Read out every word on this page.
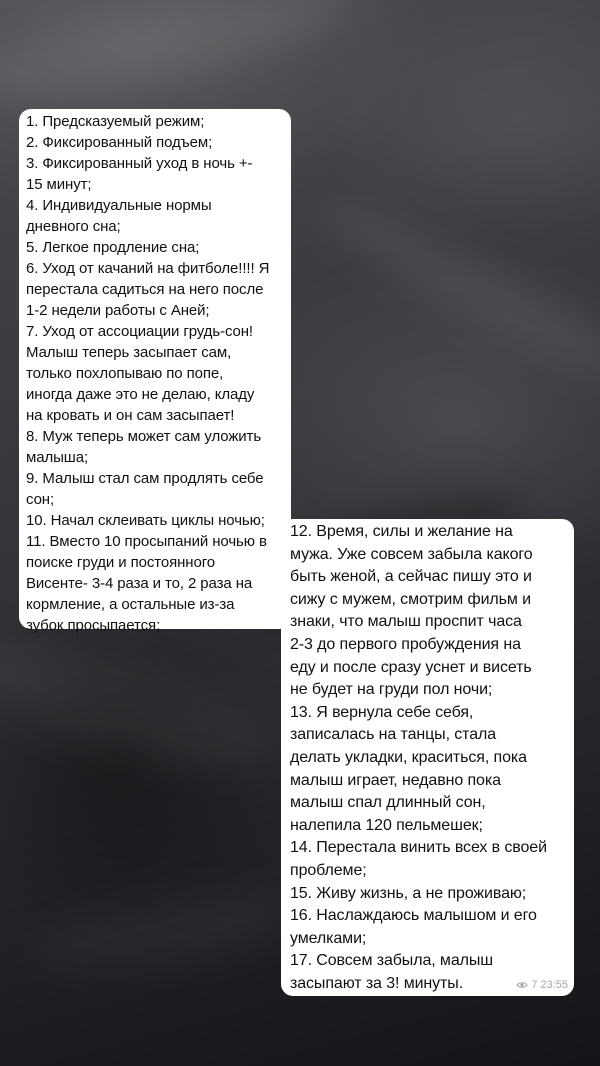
1. Предсказуемый режим;
2. Фиксированный подъем;
3. Фиксированный уход в ночь +-
15 минут;
4. Индивидуальные нормы
дневного сна;
5. Легкое продление сна;
6. Уход от качаний на фитболе!!!! Я
перестала садиться на него после
1-2 недели работы с Аней;
7. Уход от ассоциации грудь-сон!
Малыш теперь засыпает сам,
только похлопываю по попе,
иногда даже это не делаю, кладу
на кровать и он сам засыпает!
8. Муж теперь может сам уложить
малыша;
9. Малыш стал сам продлять себе
сон;
10. Начал склеивать циклы ночью;
11. Вместо 10 просыпаний ночью в
поиске груди и постоянного
Висенте- 3-4 раза и то, 2 раза на
кормление, а остальные из-за
зубок просыпается;
12. Время, силы и желание на
мужа. Уже совсем забыла какого
быть женой, а сейчас пишу это и
сижу с мужем, смотрим фильм и
знаки, что малыш проспит часа
2-3 до первого пробуждения на
еду и после сразу уснет и висеть
не будет на груди пол ночи;
13. Я вернула себе себя,
записалась на танцы, стала
делать укладки, краситься, пока
малыш играет, недавно пока
малыш спал длинный сон,
налепила 120 пельмешек;
14. Перестала винить всех в своей
проблеме;
15. Живу жизнь, а не проживаю;
16. Наслаждаюсь малышом и его
умелками;
17. Совсем забыла, малыш
засыпают за 3! минуты.	7 23:55
